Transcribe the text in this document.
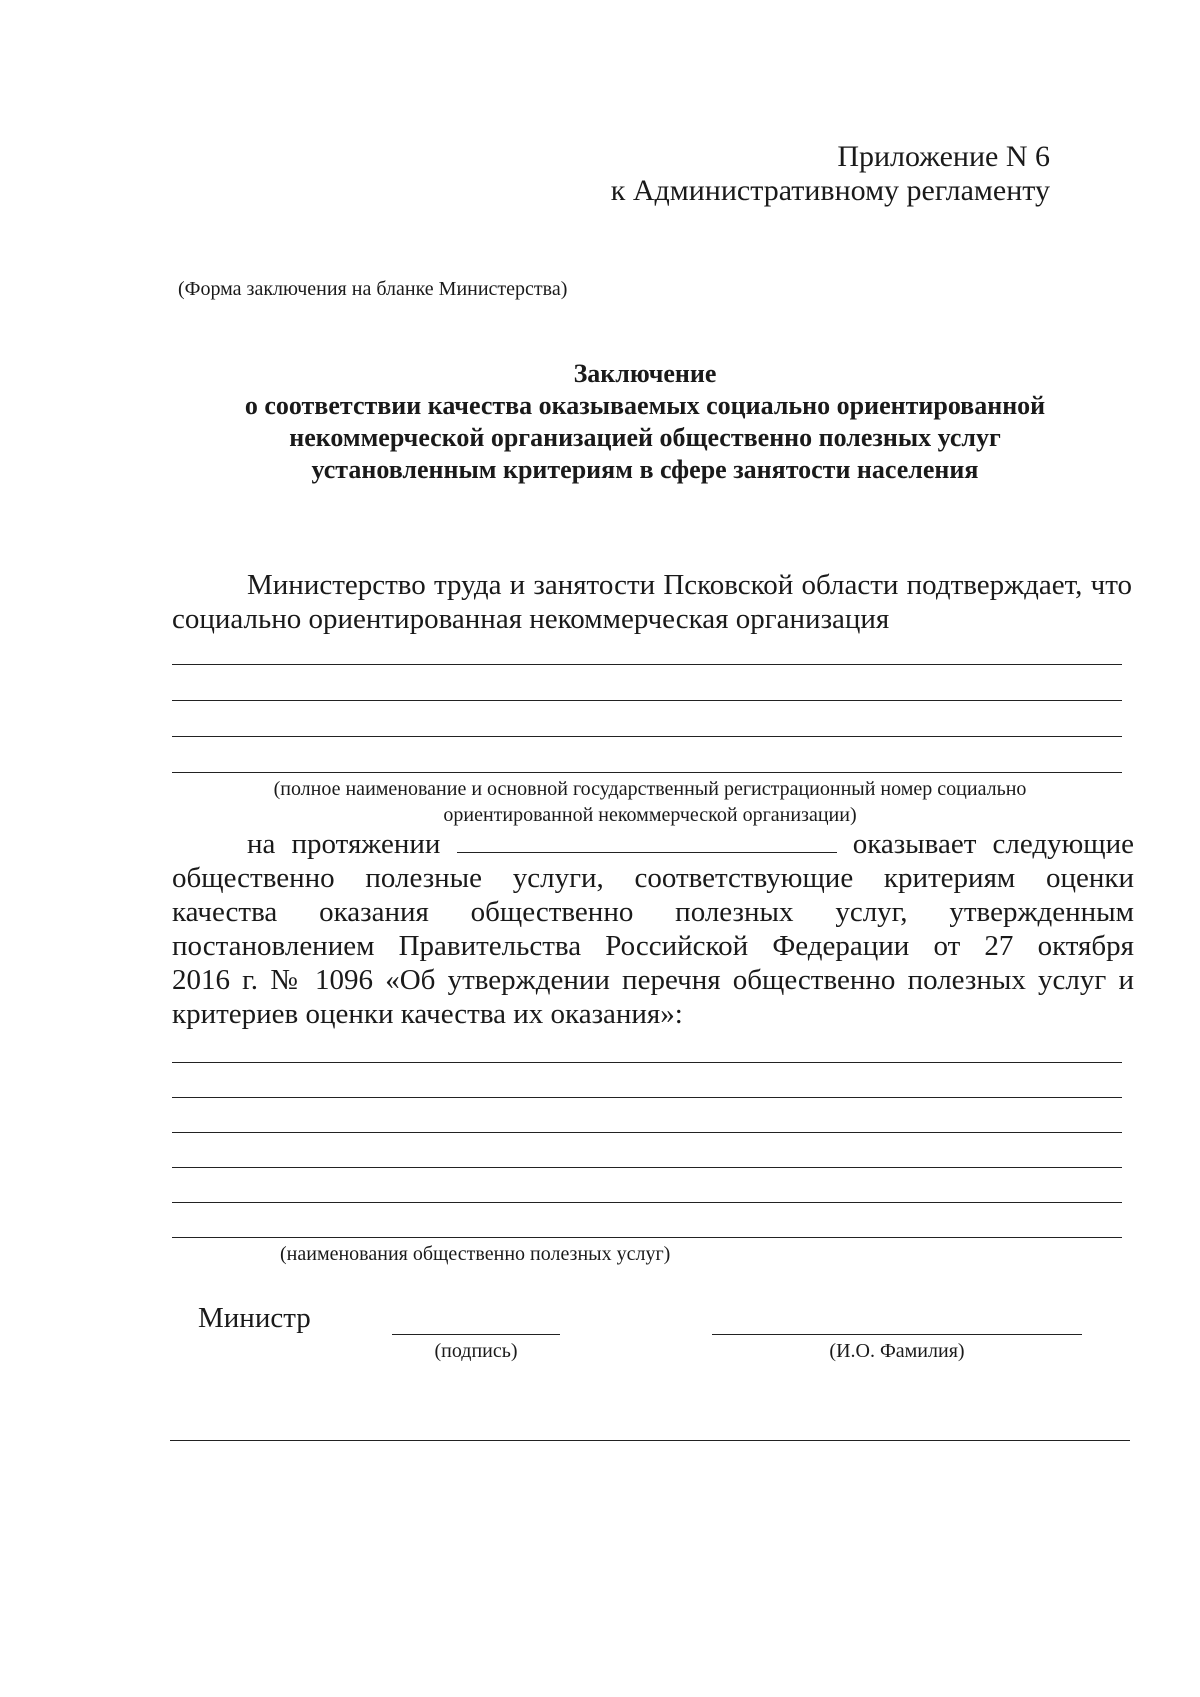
Приложение N 6
к Административному регламенту
(Форма заключения на бланке Министерства)
Заключение
о соответствии качества оказываемых социально ориентированной
некоммерческой организацией общественно полезных услуг
установленным критериям в сфере занятости населения
Министерство труда и занятости Псковской области подтверждает, что социально ориентированная некоммерческая организация
(полное наименование и основной государственный регистрационный номер социально
ориентированной некоммерческой организации)
на протяжении	оказывает следующие
общественно полезные услуги, соответствующие критериям оценки
качества оказания общественно полезных услуг, утвержденным
постановлением Правительства Российской Федерации от 27 октября
2016 г. № 1096 «Об утверждении перечня общественно полезных услуг и
критериев оценки качества их оказания»:
(наименования общественно полезных услуг)
Министр
(подпись)	(И.О. Фамилия)
